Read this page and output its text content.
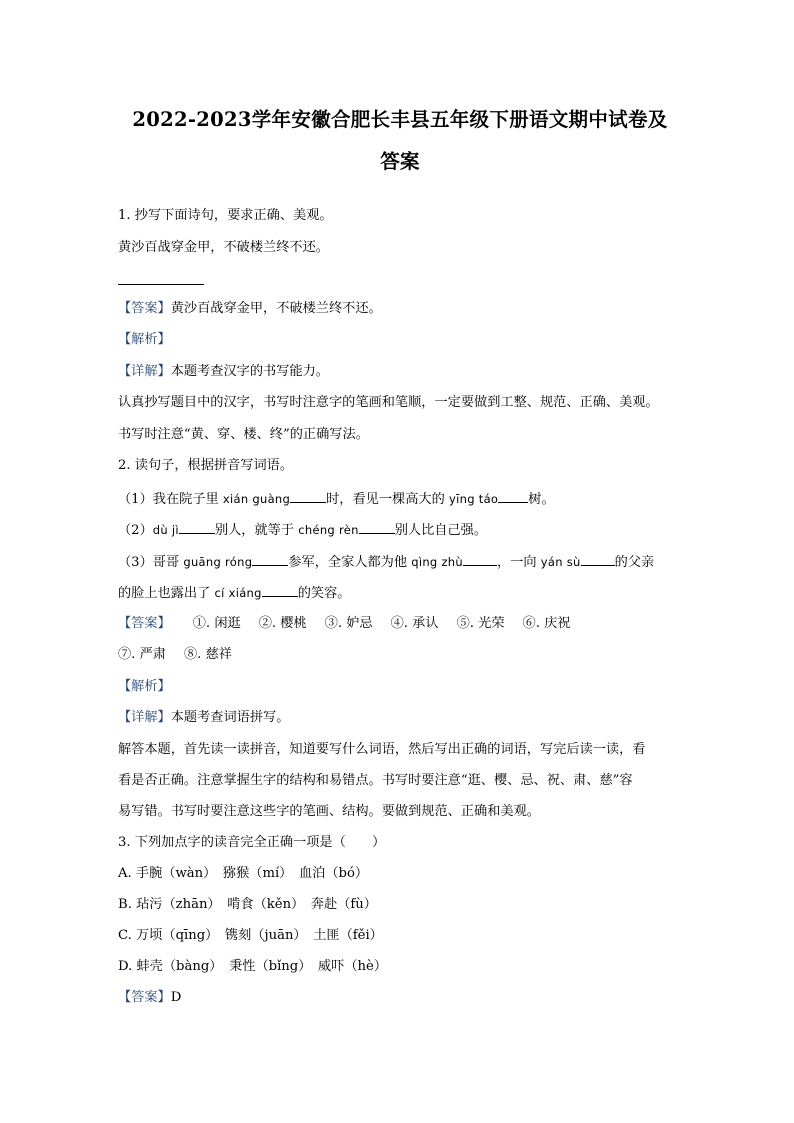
2022-2023学年安徽合肥长丰县五年级下册语文期中试卷及
答案
1. 抄写下面诗句，要求正确、美观。
黄沙百战穿金甲，不破楼兰终不还。
【答案】黄沙百战穿金甲，不破楼兰终不还。
【解析】
【详解】本题考查汉字的书写能力。
认真抄写题目中的汉字，书写时注意字的笔画和笔顺，一定要做到工整、规范、正确、美观。
书写时注意“黄、穿、楼、终”的正确写法。
2. 读句子，根据拼音写词语。
（1）我在院子里 xián guàng	时，看见一棵高大的 yīng táo 树。
（2）dù jì	别人，就等于 chéng rèn	别人比自己强。
（3）哥哥 guāng róng	参军，全家人都为他 qìng zhù	，一向 yán sù	的父亲
的脸上也露出了 cí xiáng	的笑容。
【答案】 ①. 闲逛 ②. 樱桃 ③. 妒忌 ④. 承认 ⑤. 光荣 ⑥. 庆祝
⑦. 严肃 ⑧. 慈祥
【解析】
【详解】本题考查词语拼写。
解答本题，首先读一读拼音，知道要写什么词语，然后写出正确的词语，写完后读一读，看
看是否正确。注意掌握生字的结构和易错点。书写时要注意“逛、樱、忌、祝、肃、慈”容
易写错。书写时要注意这些字的笔画、结构。要做到规范、正确和美观。
3. 下列加点字的读音完全正确一项是（　　）
A. 手腕（wàn）　猕猴（mí）　血泊（bó）
B. 玷污（zhān）　啃食（kěn）　奔赴（fù）
C. 万顷（qīng）　镌刻（juān）　土匪（fěi）
D. 蚌壳（bàng）　秉性（bǐng）　威吓（hè）
【答案】D
